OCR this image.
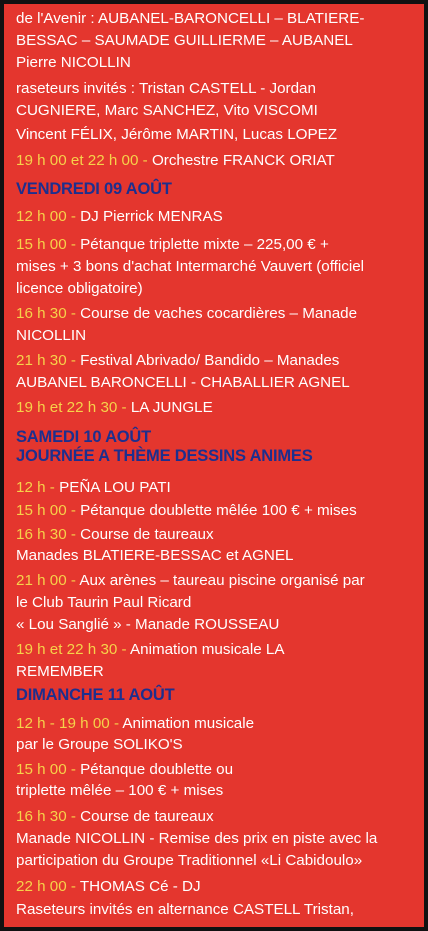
de l'Avenir : AUBANEL-BARONCELLI – BLATIERE-
BESSAC – SAUMADE GUILLIERME – AUBANEL
Pierre NICOLLIN
raseteurs invités : Tristan CASTELL - Jordan
CUGNIERE, Marc SANCHEZ, Vito VISCOMI
Vincent FÉLIX, Jérôme MARTIN, Lucas LOPEZ
19 h 00 et 22 h 00 - Orchestre FRANCK ORIAT
VENDREDI 09 AOÛT
12 h 00 - DJ Pierrick MENRAS
15 h 00 - Pétanque triplette mixte – 225,00 € +
mises + 3 bons d'achat Intermarché Vauvert (officiel
licence obligatoire)
16 h 30 - Course de vaches cocardières – Manade
NICOLLIN
21 h 30 - Festival Abrivado/ Bandido – Manades
AUBANEL BARONCELLI - CHABALLIER AGNEL
19 h et 22 h 30 - LA JUNGLE
SAMEDI 10 AOÛT
JOURNÉE A THÈME DESSINS ANIMES
12 h - PEÑA LOU PATI
15 h 00 - Pétanque doublette mêlée 100 € + mises
16 h 30 - Course de taureaux
Manades BLATIERE-BESSAC et AGNEL
21 h 00 - Aux arènes – taureau piscine organisé par
le Club Taurin Paul Ricard
« Lou Sanglié » - Manade ROUSSEAU
19 h et 22 h 30 - Animation musicale LA
REMEMBER
DIMANCHE 11 AOÛT
12 h - 19 h 00 - Animation musicale
par le Groupe SOLIKO'S
15 h 00 - Pétanque doublette ou
triplette mêlée – 100 € + mises
16 h 30 - Course de taureaux
Manade NICOLLIN - Remise des prix en piste avec la
participation du Groupe Traditionnel «Li Cabidoulo»
22 h 00 - THOMAS Cé - DJ
Raseteurs invités en alternance CASTELL Tristan,
